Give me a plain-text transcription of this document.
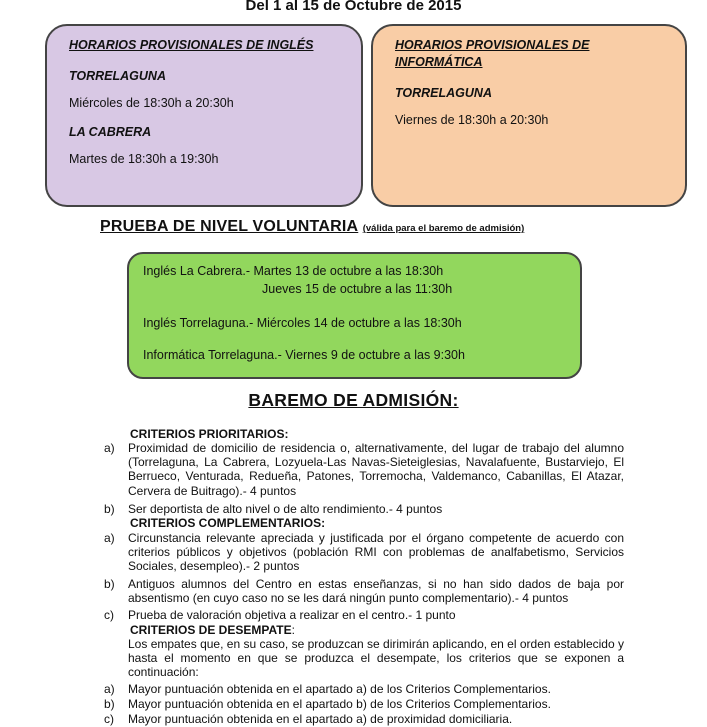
Del 1 al 15 de Octubre de 2015
HORARIOS PROVISIONALES DE INGLÉS
TORRELAGUNA
Miércoles de 18:30h a 20:30h
LA CABRERA
Martes de 18:30h a 19:30h
HORARIOS PROVISIONALES DE INFORMÁTICA
TORRELAGUNA
Viernes de 18:30h a 20:30h
PRUEBA DE NIVEL VOLUNTARIA (válida para el baremo de admisión)
Inglés La Cabrera.- Martes 13 de octubre a las 18:30h
Jueves 15 de octubre a las 11:30h
Inglés Torrelaguna.- Miércoles 14 de octubre a las 18:30h
Informática Torrelaguna.- Viernes 9 de octubre a las 9:30h
BAREMO DE ADMISIÓN:
CRITERIOS PRIORITARIOS:
a) Proximidad de domicilio de residencia o, alternativamente, del lugar de trabajo del alumno (Torrelaguna, La Cabrera, Lozyuela-Las Navas-Sieteiglesias, Navalafuente, Bustarviejo, El Berrueco, Venturada, Redueña, Patones, Torremocha, Valdemanco, Cabanillas, El Atazar, Cervera de Buitrago).- 4 puntos
b) Ser deportista de alto nivel o de alto rendimiento.- 4 puntos
CRITERIOS COMPLEMENTARIOS:
a) Circunstancia relevante apreciada y justificada por el órgano competente de acuerdo con criterios públicos y objetivos (población RMI con problemas de analfabetismo, Servicios Sociales, desempleo).- 2 puntos
b) Antiguos alumnos del Centro en estas enseñanzas, si no han sido dados de baja por absentismo (en cuyo caso no se les dará ningún punto complementario).- 4 puntos
c) Prueba de valoración objetiva a realizar en el centro.- 1 punto
CRITERIOS DE DESEMPATE:
Los empates que, en su caso, se produzcan se dirimirán aplicando, en el orden establecido y hasta el momento en que se produzca el desempate, los criterios que se exponen a continuación:
a) Mayor puntuación obtenida en el apartado a) de los Criterios Complementarios.
b) Mayor puntuación obtenida en el apartado b) de los Criterios Complementarios.
c) Mayor puntuación obtenida en el apartado a) de proximidad domiciliaria.
